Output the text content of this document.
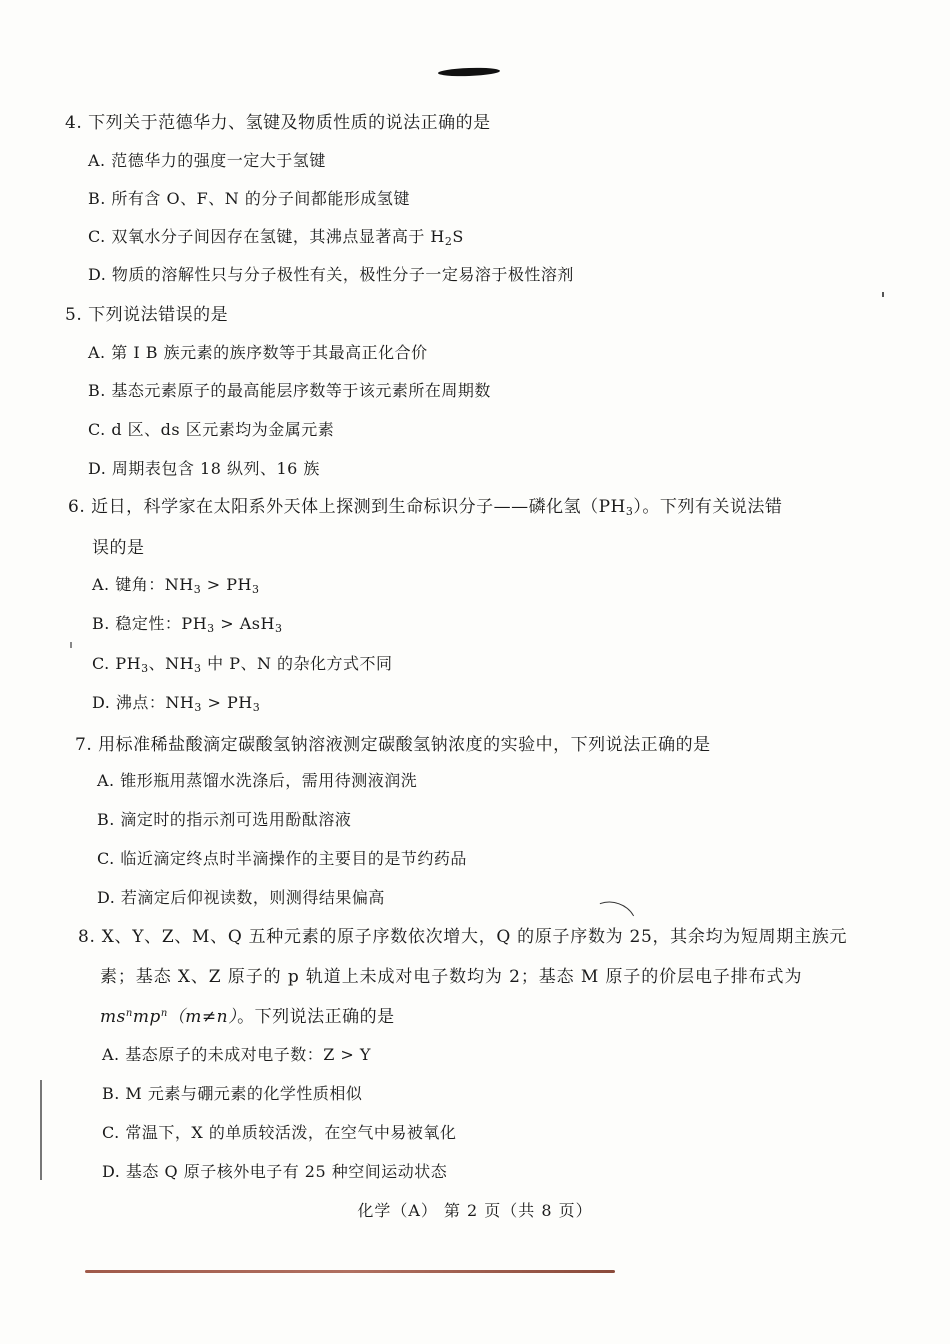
4. 下列关于范德华力、氢键及物质性质的说法正确的是
A. 范德华力的强度一定大于氢键
B. 所有含 O、F、N 的分子间都能形成氢键
C. 双氧水分子间因存在氢键，其沸点显著高于 $H_2S$
D. 物质的溶解性只与分子极性有关，极性分子一定易溶于极性溶剂
5. 下列说法错误的是
A. 第 I B 族元素的族序数等于其最高正化合价
B. 基态元素原子的最高能层序数等于该元素所在周期数
C. d 区、ds 区元素均为金属元素
D. 周期表包含 18 纵列、16 族
6. 近日，科学家在太阳系外天体上探测到生命标识分子——磷化氢$(PH_3)$。下列有关说法错
误的是
A. 键角：$NH_3 > PH_3$
B. 稳定性：$PH_3 > AsH_3$
C. $PH_3$、$NH_3$ 中 P、N 的杂化方式不同
D. 沸点：$NH_3 > PH_3$
7. 用标准稀盐酸滴定碳酸氢钠溶液测定碳酸氢钠浓度的实验中，下列说法正确的是
A. 锥形瓶用蒸馏水洗涤后，需用待测液润洗
B. 滴定时的指示剂可选用酚酞溶液
C. 临近滴定终点时半滴操作的主要目的是节约药品
D. 若滴定后仰视读数，则测得结果偏高
8. X、Y、Z、M、Q 五种元素的原子序数依次增大，Q 的原子序数为 25，其余均为短周期主族元
素；基态 X、Z 原子的 p 轨道上未成对电子数均为 2；基态 M 原子的价层电子排布式为
$ms^nmp^n(m\ne n)$。下列说法正确的是
A. 基态原子的未成对电子数：Z > Y
B. M 元素与硼元素的化学性质相似
C. 常温下，X 的单质较活泼，在空气中易被氧化
D. 基态 Q 原子核外电子有 25 种空间运动状态
化学（A） 第 2 页（共 8 页）
